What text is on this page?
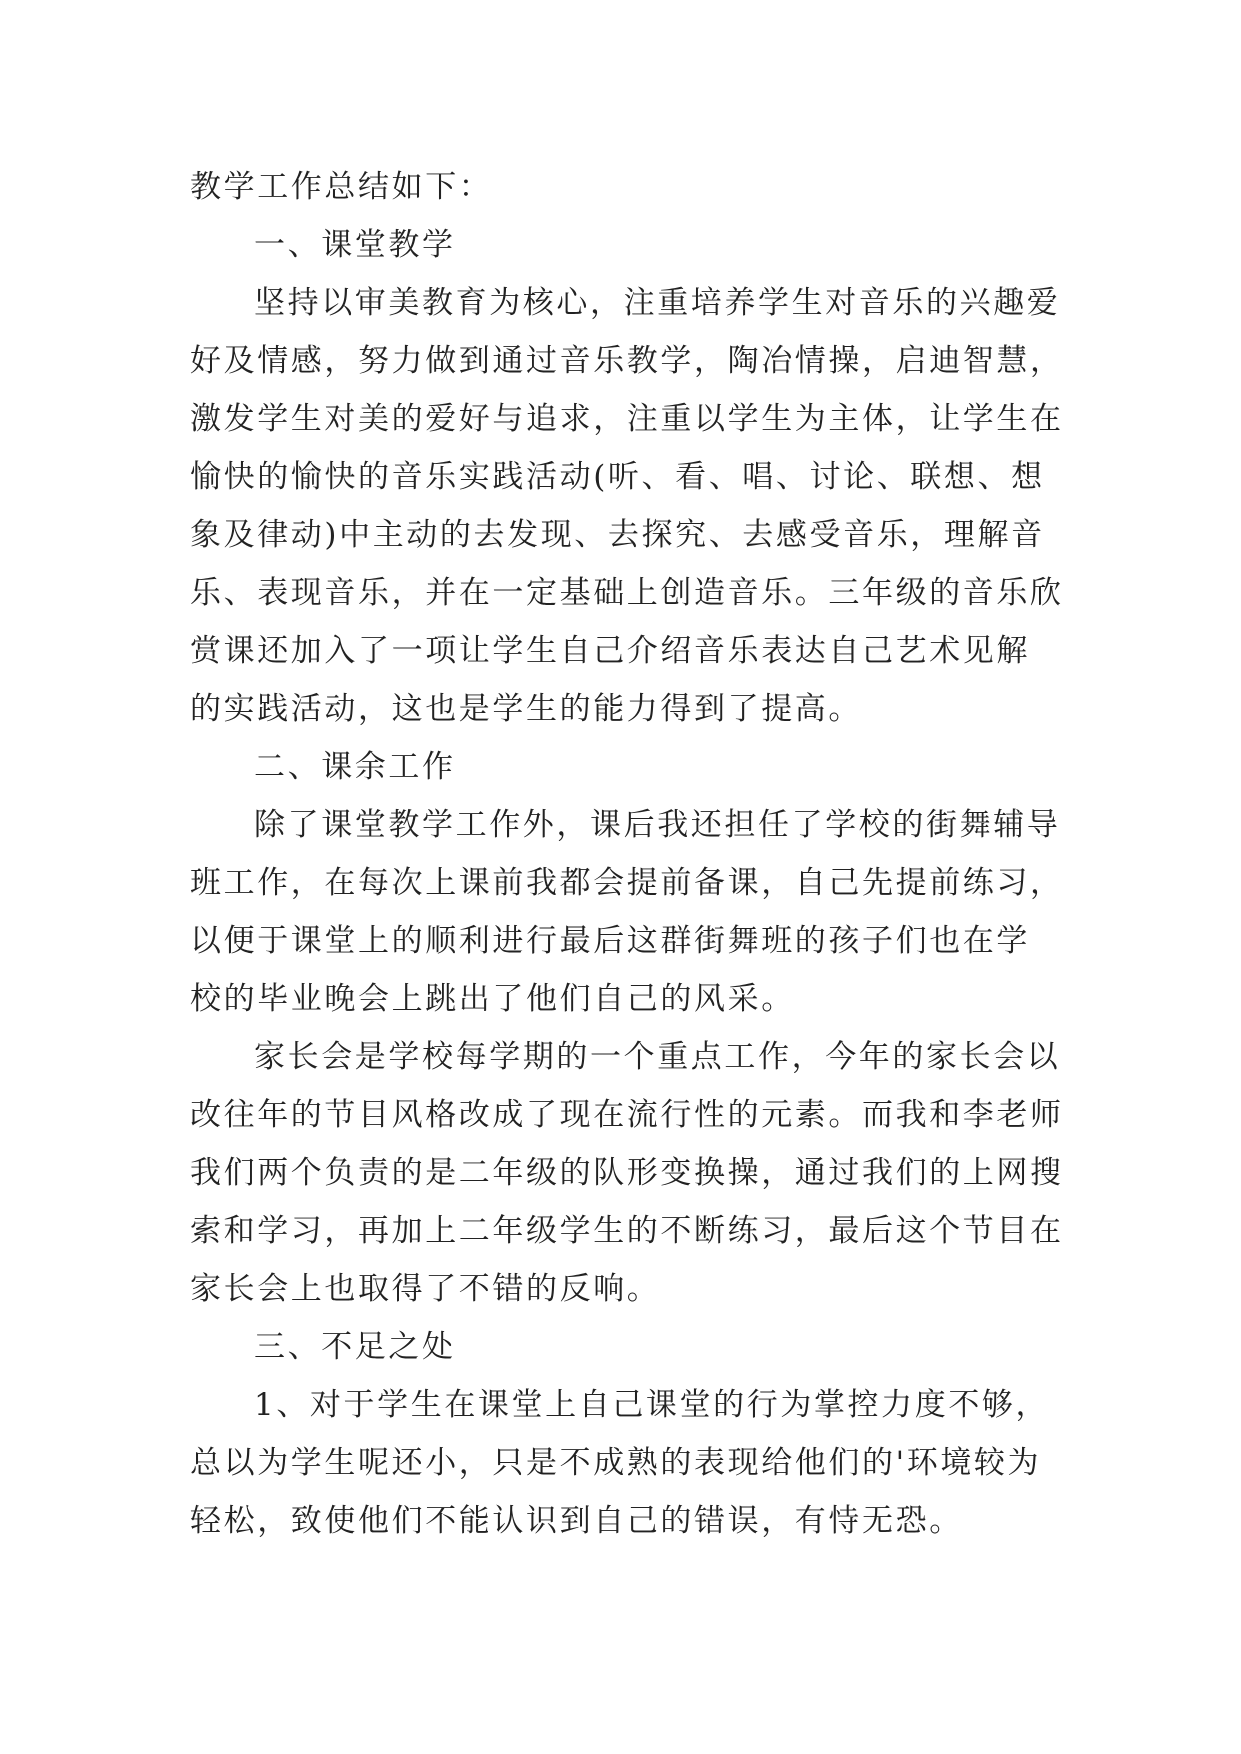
教学工作总结如下：
一、课堂教学
坚持以审美教育为核心，注重培养学生对音乐的兴趣爱
好及情感，努力做到通过音乐教学，陶冶情操，启迪智慧，
激发学生对美的爱好与追求，注重以学生为主体，让学生在
愉快的愉快的音乐实践活动(听、看、唱、讨论、联想、想
象及律动)中主动的去发现、去探究、去感受音乐，理解音
乐、表现音乐，并在一定基础上创造音乐。三年级的音乐欣
赏课还加入了一项让学生自己介绍音乐表达自己艺术见解
的实践活动，这也是学生的能力得到了提高。
二、课余工作
除了课堂教学工作外，课后我还担任了学校的街舞辅导
班工作，在每次上课前我都会提前备课，自己先提前练习，
以便于课堂上的顺利进行最后这群街舞班的孩子们也在学
校的毕业晚会上跳出了他们自己的风采。
家长会是学校每学期的一个重点工作，今年的家长会以
改往年的节目风格改成了现在流行性的元素。而我和李老师
我们两个负责的是二年级的队形变换操，通过我们的上网搜
索和学习，再加上二年级学生的不断练习，最后这个节目在
家长会上也取得了不错的反响。
三、不足之处
1、对于学生在课堂上自己课堂的行为掌控力度不够，
总以为学生呢还小，只是不成熟的表现给他们的'环境较为
轻松，致使他们不能认识到自己的错误，有恃无恐。
